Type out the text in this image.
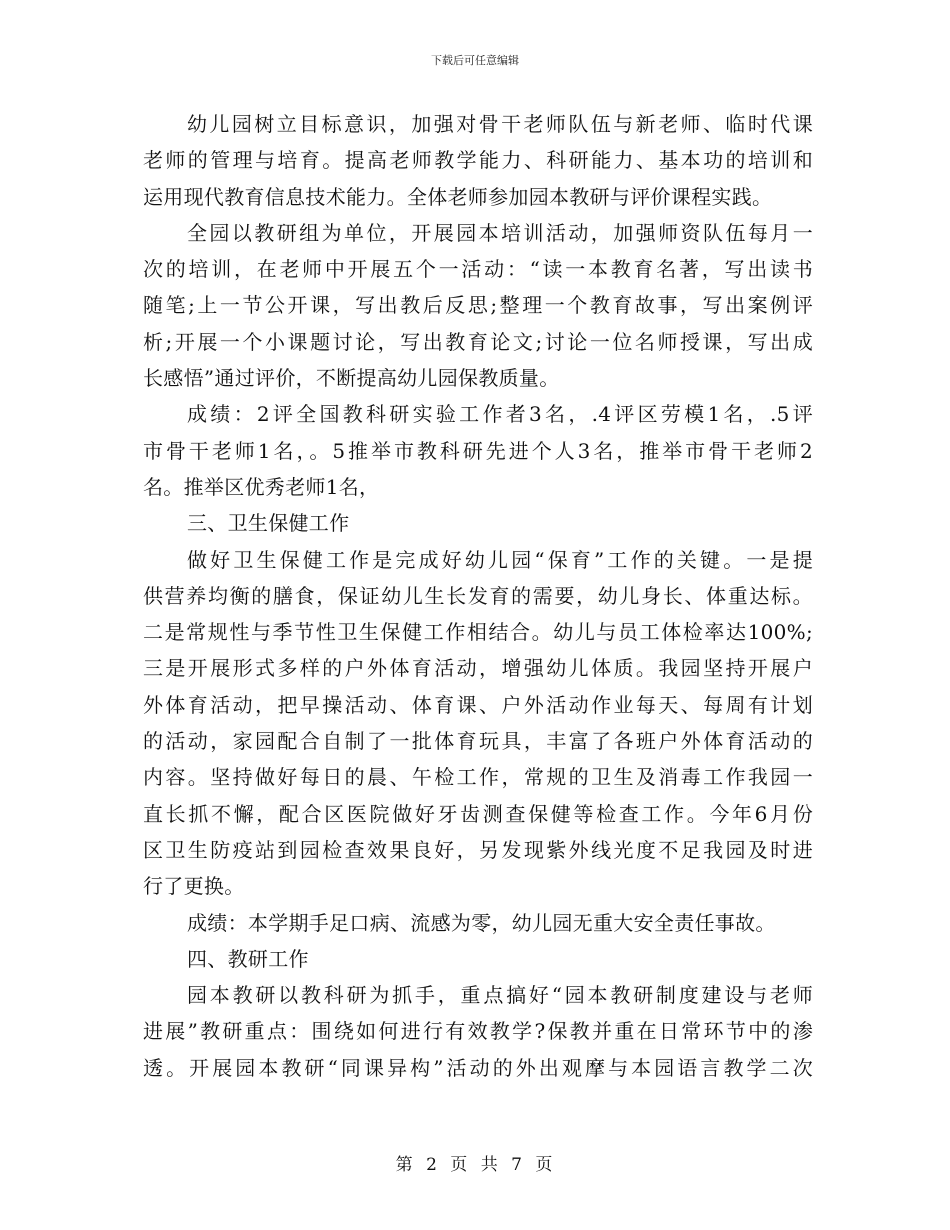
下载后可任意编辑
幼儿园树立目标意识，加强对骨干老师队伍与新老师、临时代课
老师的管理与培育。提高老师教学能力、科研能力、基本功的培训和
运用现代教育信息技术能力。全体老师参加园本教研与评价课程实践。
全园以教研组为单位，开展园本培训活动，加强师资队伍每月一
次的培训，在老师中开展五个一活动：“读一本教育名著，写出读书
随笔;上一节公开课，写出教后反思;整理一个教育故事，写出案例评
析;开展一个小课题讨论，写出教育论文;讨论一位名师授课，写出成
长感悟”通过评价，不断提高幼儿园保教质量。
成绩：2评全国教科研实验工作者3名，.4评区劳模1名，.5评
市骨干老师1名，。5推举市教科研先进个人3名，推举市骨干老师2
名。推举区优秀老师1名，
三、卫生保健工作
做好卫生保健工作是完成好幼儿园“保育”工作的关键。一是提
供营养均衡的膳食，保证幼儿生长发育的需要，幼儿身长、体重达标。
二是常规性与季节性卫生保健工作相结合。幼儿与员工体检率达100%;
三是开展形式多样的户外体育活动，增强幼儿体质。我园坚持开展户
外体育活动，把早操活动、体育课、户外活动作业每天、每周有计划
的活动，家园配合自制了一批体育玩具，丰富了各班户外体育活动的
内容。坚持做好每日的晨、午检工作，常规的卫生及消毒工作我园一
直长抓不懈，配合区医院做好牙齿测查保健等检查工作。今年6月份
区卫生防疫站到园检查效果良好，另发现紫外线光度不足我园及时进
行了更换。
成绩：本学期手足口病、流感为零，幼儿园无重大安全责任事故。
四、教研工作
园本教研以教科研为抓手，重点搞好“园本教研制度建设与老师
进展”教研重点：围绕如何进行有效教学?保教并重在日常环节中的渗
透。开展园本教研“同课异构”活动的外出观摩与本园语言教学二次
第 2 页 共 7 页
